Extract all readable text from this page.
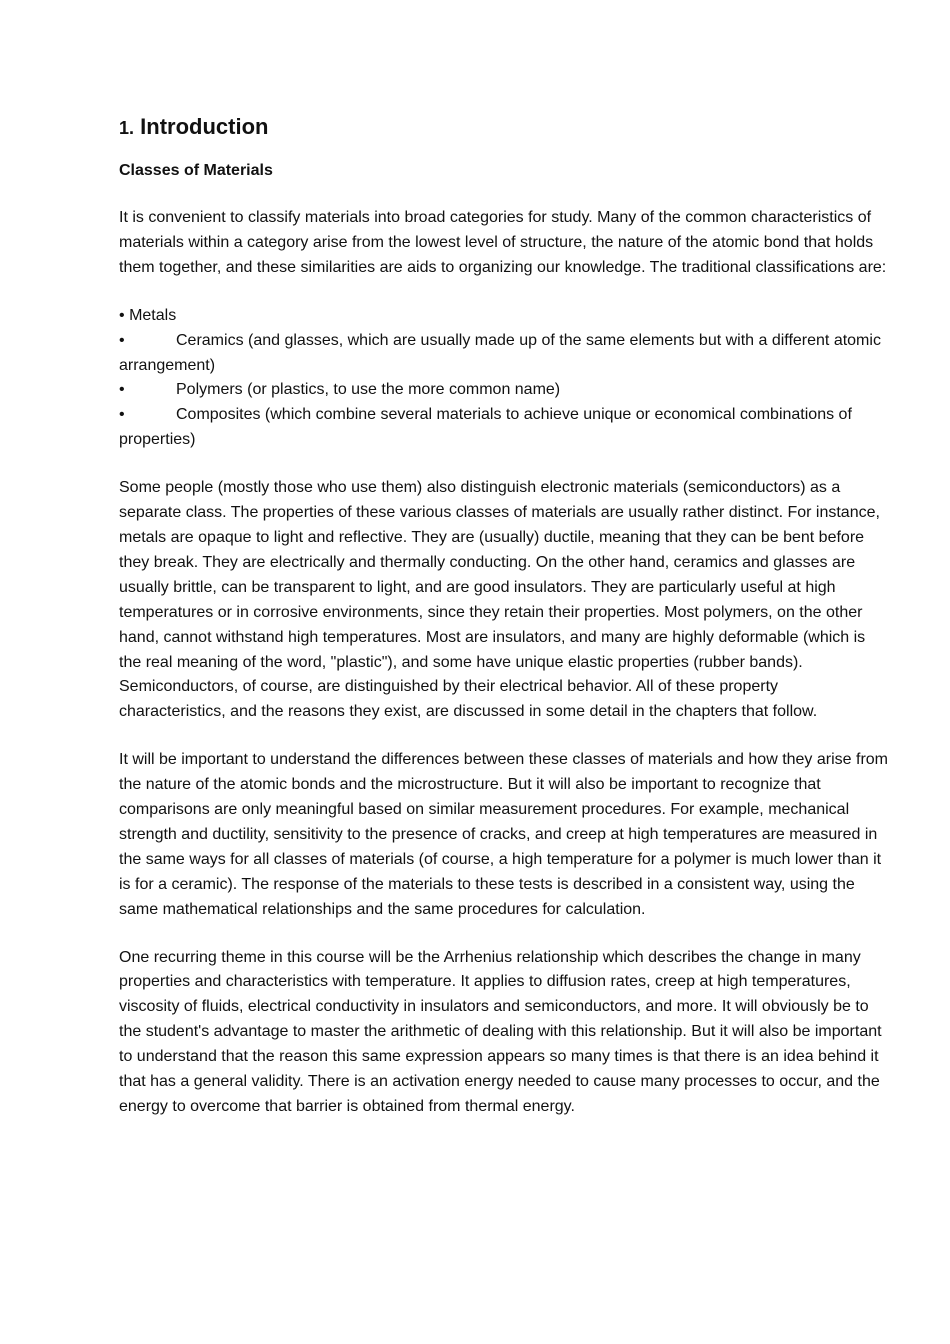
1. Introduction
Classes of Materials
It is convenient to classify materials into broad categories for study. Many of the common characteristics of
materials within a category arise from the lowest level of structure, the nature of the atomic bond that holds
them together, and these similarities are aids to organizing our knowledge. The traditional classifications are:
• Metals
•	Ceramics (and glasses, which are usually made up of the same elements but with a different atomic
arrangement)
•	Polymers (or plastics, to use the more common name)
•	Composites (which combine several materials to achieve unique or economical combinations of
properties)
Some people (mostly those who use them) also distinguish electronic materials (semiconductors) as a
separate class. The properties of these various classes of materials are usually rather distinct. For instance,
metals are opaque to light and reflective. They are (usually) ductile, meaning that they can be bent before
they break. They are electrically and thermally conducting. On the other hand, ceramics and glasses are
usually brittle, can be transparent to light, and are good insulators. They are particularly useful at high
temperatures or in corrosive environments, since they retain their properties. Most polymers, on the other
hand, cannot withstand high temperatures. Most are insulators, and many are highly deformable (which is
the real meaning of the word, "plastic"), and some have unique elastic properties (rubber bands).
Semiconductors, of course, are distinguished by their electrical behavior. All of these property
characteristics, and the reasons they exist, are discussed in some detail in the chapters that follow.
It will be important to understand the differences between these classes of materials and how they arise from
the nature of the atomic bonds and the microstructure. But it will also be important to recognize that
comparisons are only meaningful based on similar measurement procedures. For example, mechanical
strength and ductility, sensitivity to the presence of cracks, and creep at high temperatures are measured in
the same ways for all classes of materials (of course, a high temperature for a polymer is much lower than it
is for a ceramic). The response of the materials to these tests is described in a consistent way, using the
same mathematical relationships and the same procedures for calculation.
One recurring theme in this course will be the Arrhenius relationship which describes the change in many
properties and characteristics with temperature. It applies to diffusion rates, creep at high temperatures,
viscosity of fluids, electrical conductivity in insulators and semiconductors, and more. It will obviously be to
the student's advantage to master the arithmetic of dealing with this relationship. But it will also be important
to understand that the reason this same expression appears so many times is that there is an idea behind it
that has a general validity. There is an activation energy needed to cause many processes to occur, and the
energy to overcome that barrier is obtained from thermal energy.
